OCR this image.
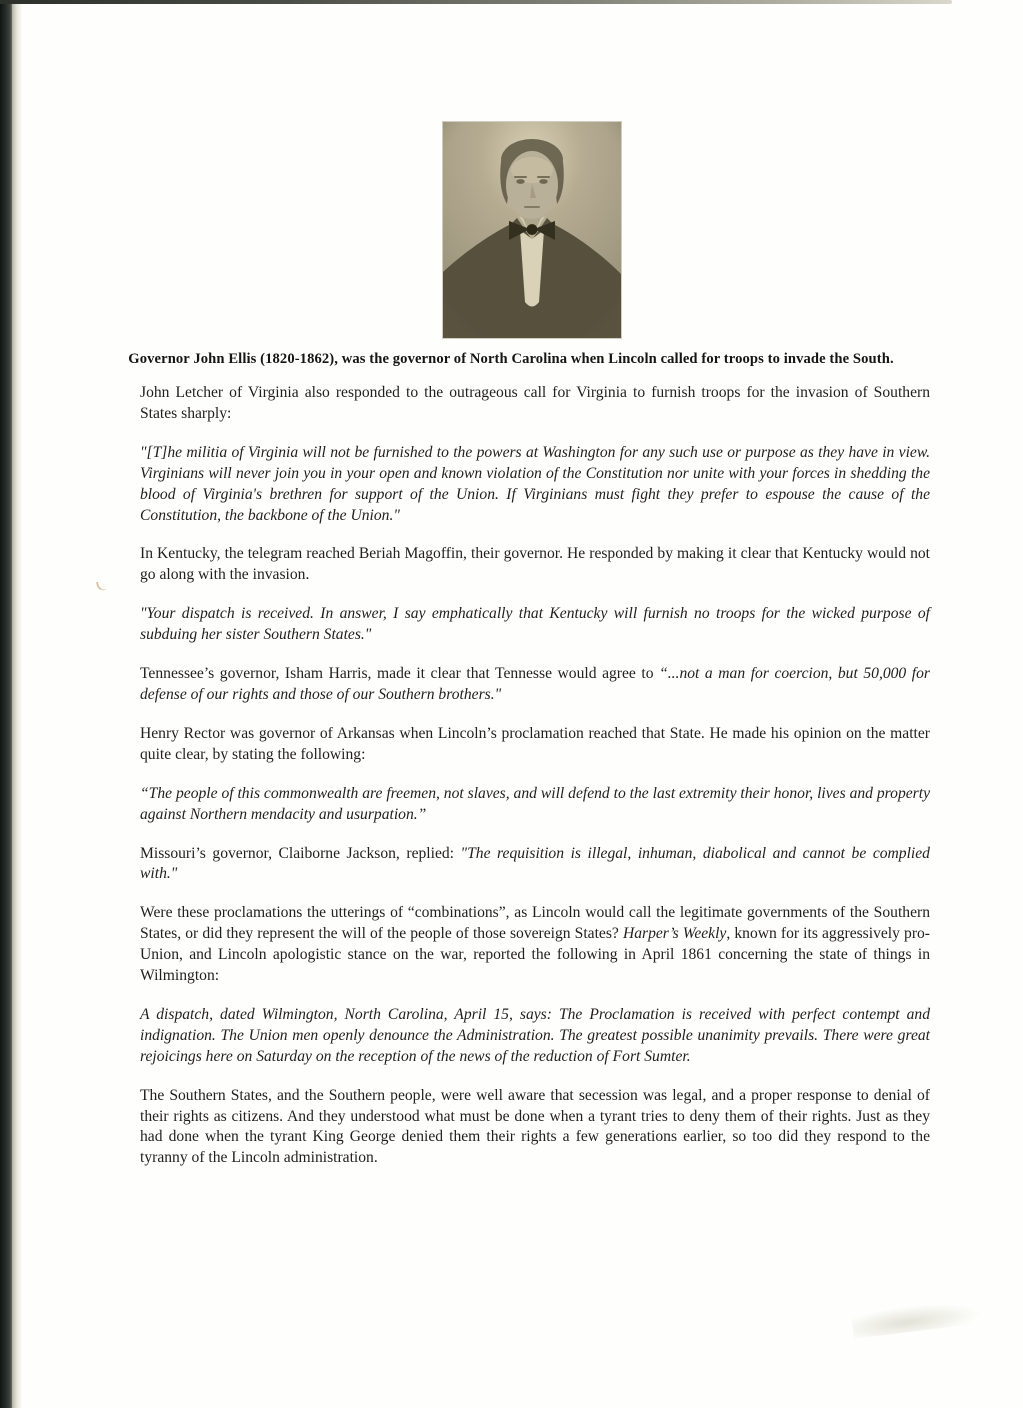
Governor John Ellis (1820-1862), was the governor of North Carolina when Lincoln called for troops to invade the South.

John Letcher of Virginia also responded to the outrageous call for Virginia to furnish troops for the invasion of Southern States sharply:

"[T]he militia of Virginia will not be furnished to the powers at Washington for any such use or purpose as they have in view. Virginians will never join you in your open and known violation of the Constitution nor unite with your forces in shedding the blood of Virginia's brethren for support of the Union. If Virginians must fight they prefer to espouse the cause of the Constitution, the backbone of the Union."

In Kentucky, the telegram reached Beriah Magoffin, their governor. He responded by making it clear that Kentucky would not go along with the invasion.

"Your dispatch is received. In answer, I say emphatically that Kentucky will furnish no troops for the wicked purpose of subduing her sister Southern States."

Tennessee’s governor, Isham Harris, made it clear that Tennesse would agree to “...not a man for coercion, but 50,000 for defense of our rights and those of our Southern brothers."

Henry Rector was governor of Arkansas when Lincoln’s proclamation reached that State. He made his opinion on the matter quite clear, by stating the following:

“The people of this commonwealth are freemen, not slaves, and will defend to the last extremity their honor, lives and property against Northern mendacity and usurpation.”

Missouri’s governor, Claiborne Jackson, replied: "The requisition is illegal, inhuman, diabolical and cannot be complied with."

Were these proclamations the utterings of “combinations”, as Lincoln would call the legitimate governments of the Southern States, or did they represent the will of the people of those sovereign States? Harper’s Weekly, known for its aggressively pro-Union, and Lincoln apologistic stance on the war, reported the following in April 1861 concerning the state of things in Wilmington:

A dispatch, dated Wilmington, North Carolina, April 15, says: The Proclamation is received with perfect contempt and indignation. The Union men openly denounce the Administration. The greatest possible unanimity prevails. There were great rejoicings here on Saturday on the reception of the news of the reduction of Fort Sumter.

The Southern States, and the Southern people, were well aware that secession was legal, and a proper response to denial of their rights as citizens. And they understood what must be done when a tyrant tries to deny them of their rights. Just as they had done when the tyrant King George denied them their rights a few generations earlier, so too did they respond to the tyranny of the Lincoln administration.
